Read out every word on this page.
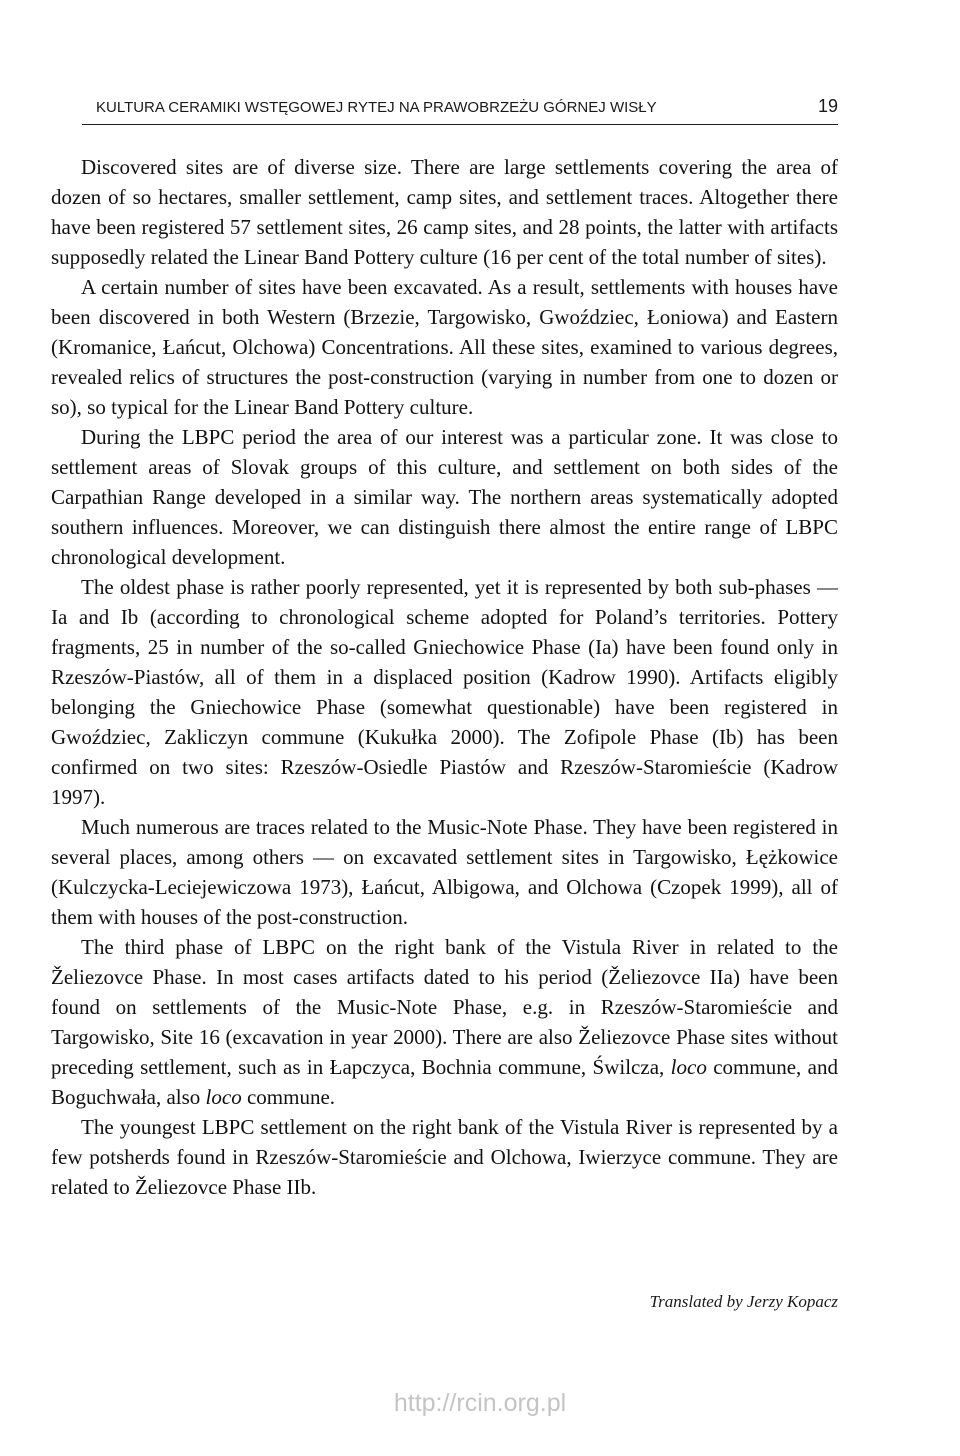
KULTURA CERAMIKI WSTĘGOWEJ RYTEJ NA PRAWOBRZEŻU GÓRNEJ WISŁY	19

Discovered sites are of diverse size. There are large settlements covering the area of dozen of so hectares, smaller settlement, camp sites, and settlement traces. Altogether there have been registered 57 settlement sites, 26 camp sites, and 28 points, the latter with artifacts supposedly related the Linear Band Pottery culture (16 per cent of the total number of sites).

A certain number of sites have been excavated. As a result, settlements with houses have been discovered in both Western (Brzezie, Targowisko, Gwoździec, Łoniowa) and Eastern (Kromanice, Łańcut, Olchowa) Concentrations. All these sites, examined to various degrees, revealed relics of structures the post-construction (varying in number from one to dozen or so), so typical for the Linear Band Pottery culture.

During the LBPC period the area of our interest was a particular zone. It was close to settlement areas of Slovak groups of this culture, and settlement on both sides of the Carpathian Range developed in a similar way. The northern areas systematically adopted southern influences. Moreover, we can distinguish there almost the entire range of LBPC chronological development.

The oldest phase is rather poorly represented, yet it is represented by both sub-phases — Ia and Ib (according to chronological scheme adopted for Poland’s territories. Pottery fragments, 25 in number of the so-called Gniechowice Phase (Ia) have been found only in Rzeszów-Piastów, all of them in a displaced position (Kadrow 1990). Artifacts eligibly belonging the Gniechowice Phase (somewhat questionable) have been registered in Gwoździec, Zakliczyn commune (Kukułka 2000). The Zofipole Phase (Ib) has been confirmed on two sites: Rzeszów-Osiedle Piastów and Rzeszów-Staromieście (Kadrow 1997).

Much numerous are traces related to the Music-Note Phase. They have been registered in several places, among others — on excavated settlement sites in Targowisko, Łężkowice (Kulczycka-Leciejewiczowa 1973), Łańcut, Albigowa, and Olchowa (Czopek 1999), all of them with houses of the post-construction.

The third phase of LBPC on the right bank of the Vistula River in related to the Želiezovce Phase. In most cases artifacts dated to his period (Želiezovce IIa) have been found on settlements of the Music-Note Phase, e.g. in Rzeszów-Staromieście and Targowisko, Site 16 (excavation in year 2000). There are also Želiezovce Phase sites without preceding settlement, such as in Łapczyca, Bochnia commune, Świlcza, loco commune, and Boguchwała, also loco commune.

The youngest LBPC settlement on the right bank of the Vistula River is represented by a few potsherds found in Rzeszów-Staromieście and Olchowa, Iwierzyce commune. They are related to Želiezovce Phase IIb.

Translated by Jerzy Kopacz
http://rcin.org.pl
